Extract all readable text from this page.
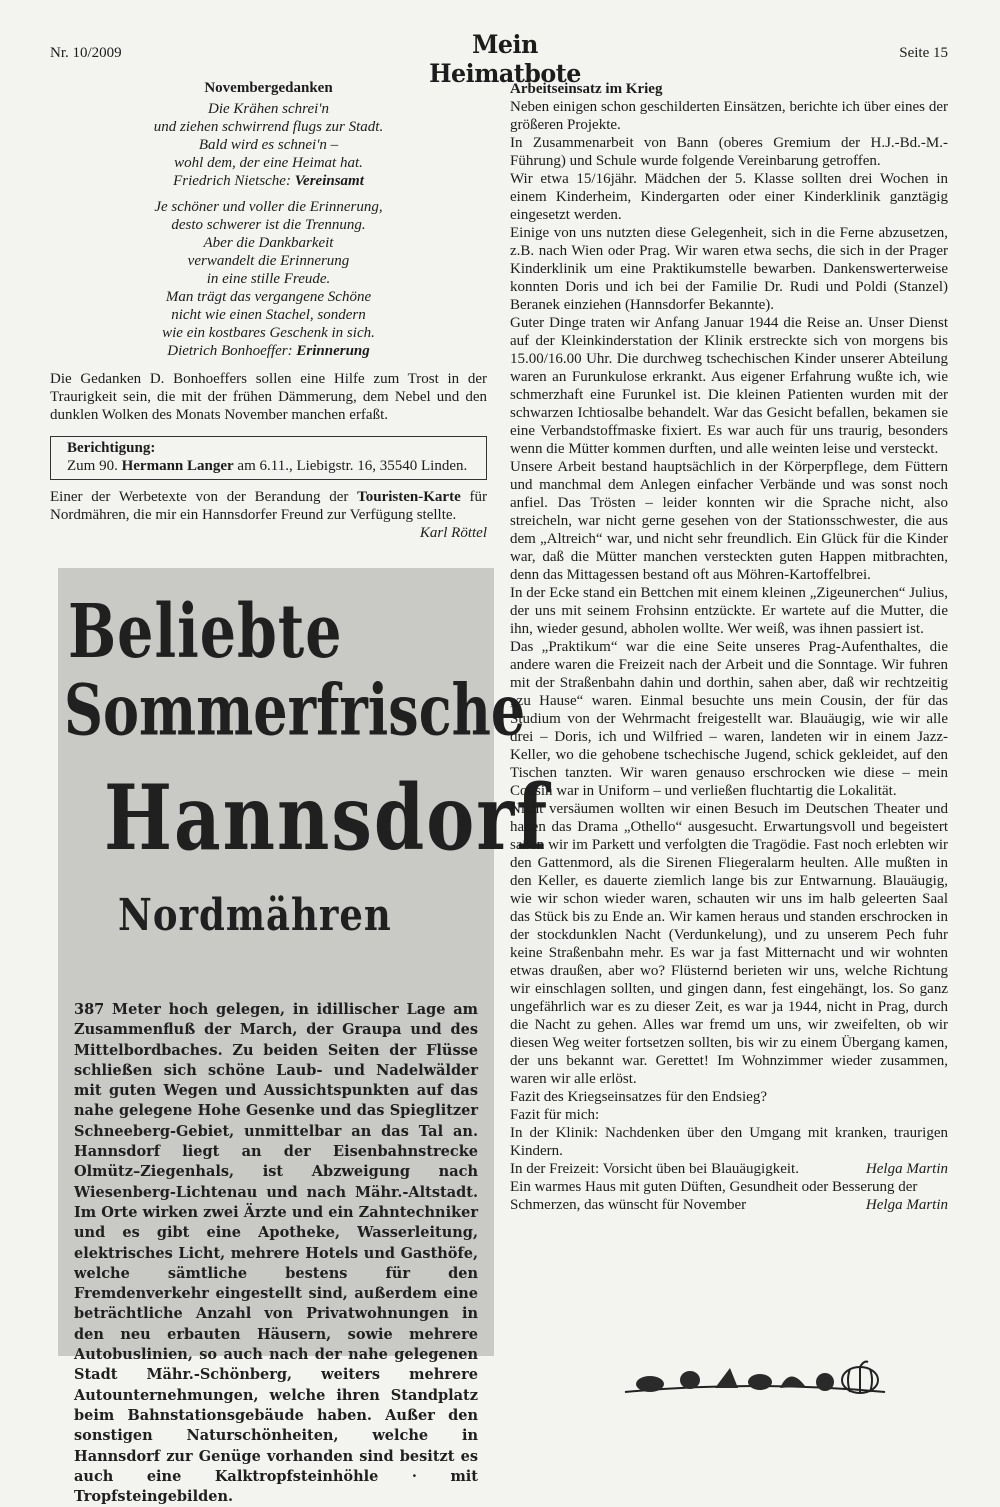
Nr. 10/2009	Mein Heimatbote
Seite 15
Novembergedanken
Die Krähen schrei'n
und ziehen schwirrend flugs zur Stadt.
Bald wird es schnei'n –
wohl dem, der eine Heimat hat.
Friedrich Nietsche: Vereinsamt
Je schöner und voller die Erinnerung,
desto schwerer ist die Trennung.
Aber die Dankbarkeit
verwandelt die Erinnerung
in eine stille Freude.
Man trägt das vergangene Schöne
nicht wie einen Stachel, sondern
wie ein kostbares Geschenk in sich.
Dietrich Bonhoeffer: Erinnerung

Die Gedanken D. Bonhoeffers sollen eine Hilfe zum Trost in der Traurigkeit sein, die mit der frühen Dämmerung, dem Nebel und den dunklen Wolken des Monats November manchen erfaßt.

Berichtigung:
Zum 90. Hermann Langer am 6.11., Liebigstr. 16, 35540 Linden.
Einer der Werbetexte von der Berandung der Touristen-Karte für Nordmähren, die mir ein Hannsdorfer Freund zur Verfügung stellte.
Karl Röttel
Beliebte
Sommerfrische
Hannsdorf
Nordmähren
387 Meter hoch gelegen, in idillischer Lage am Zusammenfluß der March, der Graupa und des Mittelbordbaches. Zu beiden Seiten der Flüsse schließen sich schöne Laub- und Nadelwälder mit guten Wegen und Aussichtspunkten auf das nahe gelegene Hohe Gesenke und das Spieglitzer Schneeberg-Gebiet, unmittelbar an das Tal an. Hannsdorf liegt an der Eisenbahnstrecke Olmütz–Ziegenhals, ist Abzweigung nach Wiesenberg-Lichtenau und nach Mähr.-Altstadt. Im Orte wirken zwei Ärzte und ein Zahntechniker und es gibt eine Apotheke, Wasserleitung, elektrisches Licht, mehrere Hotels und Gasthöfe, welche sämtliche bestens für den Fremdenverkehr eingestellt sind, außerdem eine beträchtliche Anzahl von Privatwohnungen in den neu erbauten Häusern, sowie mehrere Autobuslinien, so auch nach der nahe gelegenen Stadt Mähr.-Schönberg, weiters mehrere Autounternehmungen, welche ihren Standplatz beim Bahnstationsgebäude haben. Außer den sonstigen Naturschönheiten, welche in Hannsdorf zur Genüge vorhanden sind besitzt es auch eine Kalktropfsteinhöhle · mit Tropfsteingebilden.
Arbeitseinsatz im Krieg

Neben einigen schon geschilderten Einsätzen, berichte ich über eines der größeren Projekte.

In Zusammenarbeit von Bann (oberes Gremium der H.J.-Bd.-M.-Führung) und Schule wurde folgende Vereinbarung getroffen.

Wir etwa 15/16jähr. Mädchen der 5. Klasse sollten drei Wochen in einem Kinderheim, Kindergarten oder einer Kinderklinik ganztägig eingesetzt werden.

Einige von uns nutzten diese Gelegenheit, sich in die Ferne abzusetzen, z.B. nach Wien oder Prag. Wir waren etwa sechs, die sich in der Prager Kinderklinik um eine Praktikumstelle bewarben. Dankenswerterweise konnten Doris und ich bei der Familie Dr. Rudi und Poldi (Stanzel) Beranek einziehen (Hannsdorfer Bekannte).

Guter Dinge traten wir Anfang Januar 1944 die Reise an. Unser Dienst auf der Kleinkinderstation der Klinik erstreckte sich von morgens bis 15.00/16.00 Uhr. Die durchweg tschechischen Kinder unserer Abteilung waren an Furunkulose erkrankt. Aus eigener Erfahrung wußte ich, wie schmerzhaft eine Furunkel ist. Die kleinen Patienten wurden mit der schwarzen Ichtiosalbe behandelt. War das Gesicht befallen, bekamen sie eine Verbandstoffmaske fixiert. Es war auch für uns traurig, besonders wenn die Mütter kommen durften, und alle weinten leise und versteckt.

Unsere Arbeit bestand hauptsächlich in der Körperpflege, dem Füttern und manchmal dem Anlegen einfacher Verbände und was sonst noch anfiel. Das Trösten – leider konnten wir die Sprache nicht, also streicheln, war nicht gerne gesehen von der Stationsschwester, die aus dem „Altreich“ war, und nicht sehr freundlich. Ein Glück für die Kinder war, daß die Mütter manchen versteckten guten Happen mitbrachten, denn das Mittagessen bestand oft aus Möhren-Kartoffelbrei.

In der Ecke stand ein Bettchen mit einem kleinen „Zigeunerchen“ Julius, der uns mit seinem Frohsinn entzückte. Er wartete auf die Mutter, die ihn, wieder gesund, abholen wollte. Wer weiß, was ihnen passiert ist.

Das „Praktikum“ war die eine Seite unseres Prag-Aufenthaltes, die andere waren die Freizeit nach der Arbeit und die Sonntage. Wir fuhren mit der Straßenbahn dahin und dorthin, sahen aber, daß wir rechtzeitig „zu Hause“ waren. Einmal besuchte uns mein Cousin, der für das Studium von der Wehrmacht freigestellt war. Blauäugig, wie wir alle drei – Doris, ich und Wilfried – waren, landeten wir in einem Jazz-Keller, wo die gehobene tschechische Jugend, schick gekleidet, auf den Tischen tanzten. Wir waren genauso erschrocken wie diese – mein Cousin war in Uniform – und verließen fluchtartig die Lokalität.

Nicht versäumen wollten wir einen Besuch im Deutschen Theater und haben das Drama „Othello“ ausgesucht. Erwartungsvoll und begeistert saßen wir im Parkett und verfolgten die Tragödie. Fast noch erlebten wir den Gattenmord, als die Sirenen Fliegeralarm heulten. Alle mußten in den Keller, es dauerte ziemlich lange bis zur Entwarnung. Blauäugig, wie wir schon wieder waren, schauten wir uns im halb geleerten Saal das Stück bis zu Ende an. Wir kamen heraus und standen erschrocken in der stockdunklen Nacht (Verdunkelung), und zu unserem Pech fuhr keine Straßenbahn mehr. Es war ja fast Mitternacht und wir wohnten etwas draußen, aber wo? Flüsternd berieten wir uns, welche Richtung wir einschlagen sollten, und gingen dann, fest eingehängt, los. So ganz ungefährlich war es zu dieser Zeit, es war ja 1944, nicht in Prag, durch die Nacht zu gehen. Alles war fremd um uns, wir zweifelten, ob wir diesen Weg weiter fortsetzen sollten, bis wir zu einem Übergang kamen, der uns bekannt war. Gerettet! Im Wohnzimmer wieder zusammen, waren wir alle erlöst.

Fazit des Kriegseinsatzes für den Endsieg?

Fazit für mich:

In der Klinik: Nachdenken über den Umgang mit kranken, traurigen Kindern.

In der Freizeit: Vorsicht üben bei Blauäugigkeit.	Helga Martin

Ein warmes Haus mit guten Düften, Gesundheit oder Besserung der

Schmerzen, das wünscht für November	Helga Martin
